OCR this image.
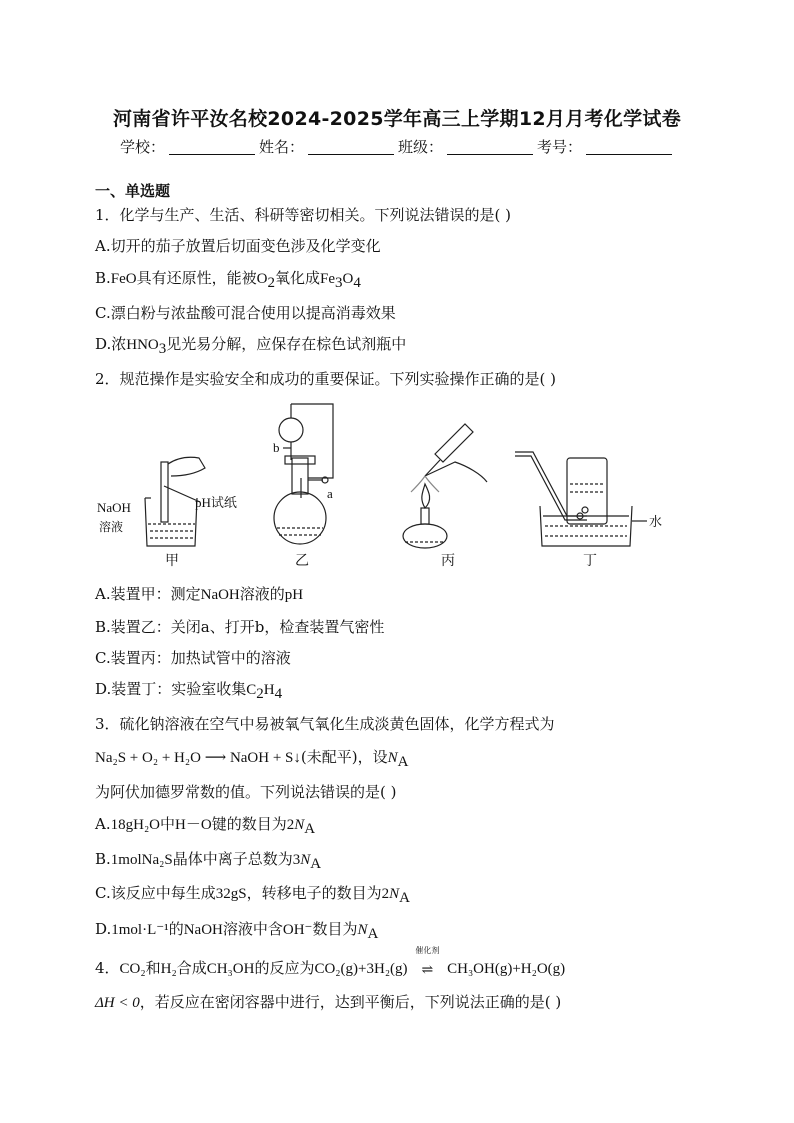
河南省许平汝名校2024-2025学年高三上学期12月月考化学试卷
学校：	姓名：	班级：	考号：
一、单选题
1．化学与生产、生活、科研等密切相关。下列说法错误的是( )
A.切开的茄子放置后切面变色涉及化学变化
B.FeO具有还原性，能被$O_2$氧化成$Fe_3O_4$
C.漂白粉与浓盐酸可混合使用以提高消毒效果
D.浓$HNO_3$见光易分解，应保存在棕色试剂瓶中
2．规范操作是实验安全和成功的重要保证。下列实验操作正确的是( )
NaOH
溶液
pH试纸
b
a
水
甲	乙	丙	丁
A.装置甲：测定NaOH溶液的pH
B.装置乙：关闭a、打开b，检查装置气密性
C.装置丙：加热试管中的溶液
D.装置丁：实验室收集$C_2H_4$
3．硫化钠溶液在空气中易被氧气氧化生成淡黄色固体，化学方程式为
Na₂S + O₂ + H₂O ⟶ NaOH + S↓(未配平)，设$N_A$
为阿伏加德罗常数的值。下列说法错误的是( )
A.18gH₂O中H－O键的数目为$2N_A$
B.1molNa₂S晶体中离子总数为$3N_A$
C.该反应中每生成32gS，转移电子的数目为$2N_A$
D.1mol·L⁻¹的NaOH溶液中含OH⁻数目为$N_A$
4．CO₂和H₂合成CH₃OH的反应为CO₂(g)+3H₂(g)
催化剂
⇌ CH₃OH(g)+H₂O(g)
ΔH < 0，若反应在密闭容器中进行，达到平衡后，下列说法正确的是( )
